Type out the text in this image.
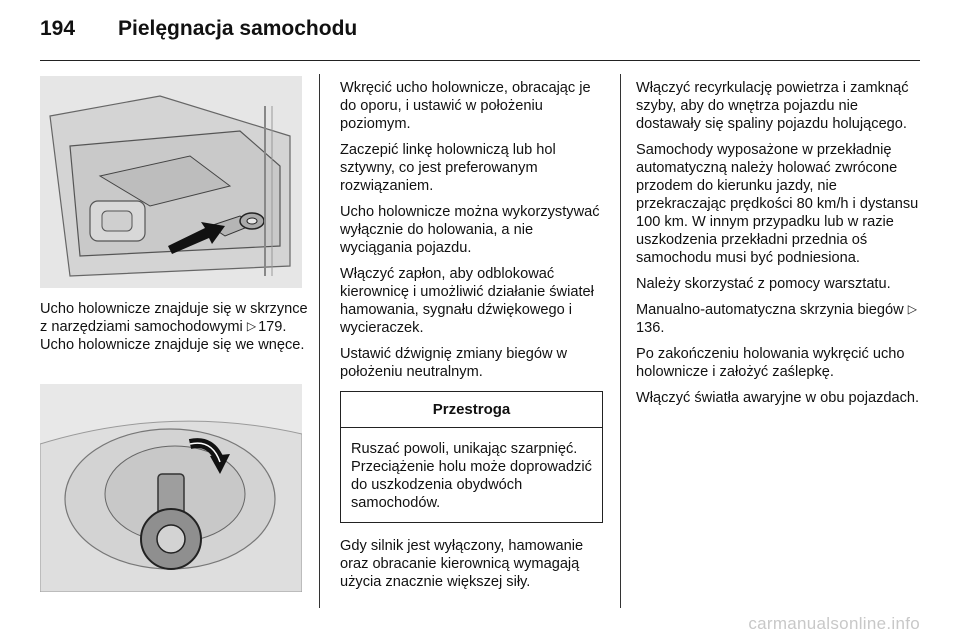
194	Pielęgnacja samochodu

Ucho holownicze znajduje się w skrzynce z narzędziami samochodowymi ▷ 179. Ucho holownicze znajduje się we wnęce.

Wkręcić ucho holownicze, obracając je do oporu, i ustawić w położeniu poziomym.

Zaczepić linkę holowniczą lub hol sztywny, co jest preferowanym rozwiązaniem.

Ucho holownicze można wykorzystywać wyłącznie do holowania, a nie wyciągania pojazdu.

Włączyć zapłon, aby odblokować kierownicę i umożliwić działanie świateł hamowania, sygnału dźwiękowego i wycieraczek.

Ustawić dźwignię zmiany biegów w położeniu neutralnym.

Przestroga
Ruszać powoli, unikając szarpnięć. Przeciążenie holu może doprowadzić do uszkodzenia obydwóch samochodów.

Gdy silnik jest wyłączony, hamowanie oraz obracanie kierownicą wymagają użycia znacznie większej siły.

Włączyć recyrkulację powietrza i zamknąć szyby, aby do wnętrza pojazdu nie dostawały się spaliny pojazdu holującego.

Samochody wyposażone w przekładnię automatyczną należy holować zwrócone przodem do kierunku jazdy, nie przekraczając prędkości 80 km/h i dystansu 100 km. W innym przypadku lub w razie uszkodzenia przekładni przednia oś samochodu musi być podniesiona.

Należy skorzystać z pomocy warsztatu.

Manualno-automatyczna skrzynia biegów ▷136.

Po zakończeniu holowania wykręcić ucho holownicze i założyć zaślepkę.

Włączyć światła awaryjne w obu pojazdach.

carmanualsonline.info
